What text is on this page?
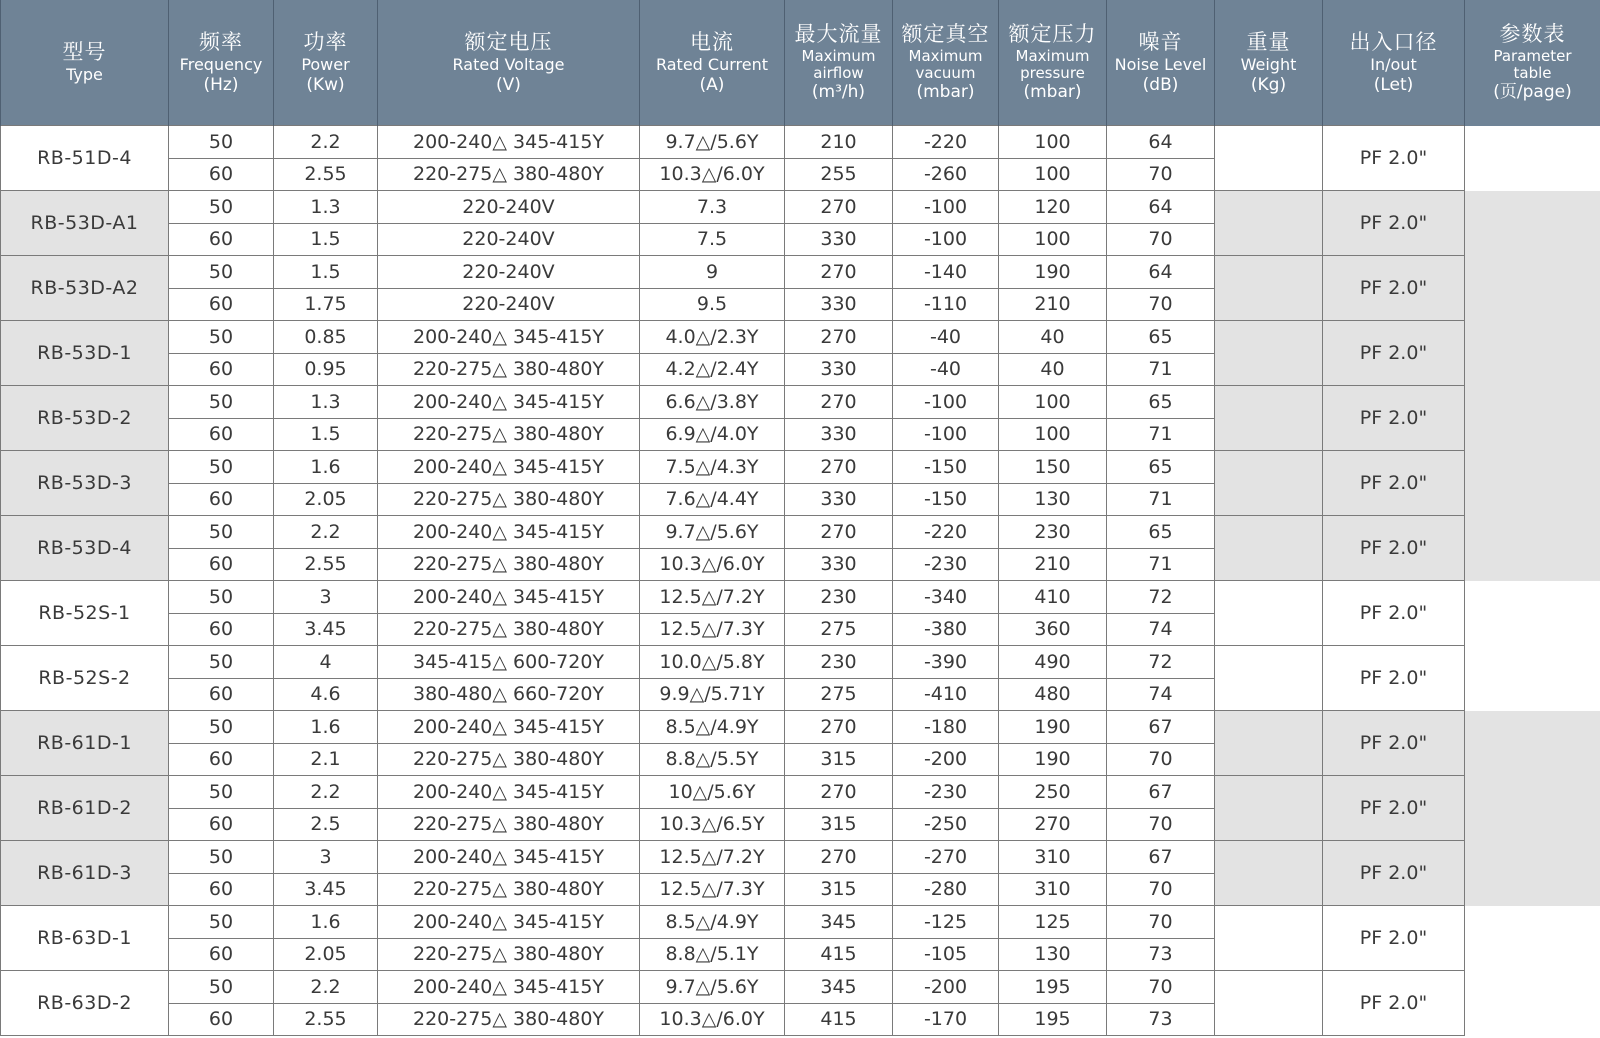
型号
Type	频率
Frequency
(Hz)	功率
Power
(Kw)	额定电压
Rated Voltage
(V)	电流
Rated Current
(A)	最大流量
Maximum
airflow
(m³/h)	额定真空
Maximum
vacuum
(mbar)	额定压力
Maximum
pressure
(mbar)	噪音
Noise Level
(dB)	重量
Weight
(Kg)	出入口径
In/out
(Let)	参数表
Parameter
table
(页/page)

RB-51D-4	50	2.2	200-240△ 345-415Y	9.7△/5.6Y	210	-220	100	64		PF 2.0"	
	60	2.55	220-275△ 380-480Y	10.3△/6.0Y	255	-260	100	70			
RB-53D-A1	50	1.3	220-240V	7.3	270	-100	120	64		PF 2.0"	
	60	1.5	220-240V	7.5	330	-100	100	70			
RB-53D-A2	50	1.5	220-240V	9	270	-140	190	64		PF 2.0"	
	60	1.75	220-240V	9.5	330	-110	210	70			
RB-53D-1	50	0.85	200-240△ 345-415Y	4.0△/2.3Y	270	-40	40	65		PF 2.0"	
	60	0.95	220-275△ 380-480Y	4.2△/2.4Y	330	-40	40	71			
RB-53D-2	50	1.3	200-240△ 345-415Y	6.6△/3.8Y	270	-100	100	65		PF 2.0"	
	60	1.5	220-275△ 380-480Y	6.9△/4.0Y	330	-100	100	71			
RB-53D-3	50	1.6	200-240△ 345-415Y	7.5△/4.3Y	270	-150	150	65		PF 2.0"	
	60	2.05	220-275△ 380-480Y	7.6△/4.4Y	330	-150	130	71			
RB-53D-4	50	2.2	200-240△ 345-415Y	9.7△/5.6Y	270	-220	230	65		PF 2.0"	
	60	2.55	220-275△ 380-480Y	10.3△/6.0Y	330	-230	210	71			
RB-52S-1	50	3	200-240△ 345-415Y	12.5△/7.2Y	230	-340	410	72		PF 2.0"	
	60	3.45	220-275△ 380-480Y	12.5△/7.3Y	275	-380	360	74			
RB-52S-2	50	4	345-415△ 600-720Y	10.0△/5.8Y	230	-390	490	72		PF 2.0"	
	60	4.6	380-480△ 660-720Y	9.9△/5.71Y	275	-410	480	74			
RB-61D-1	50	1.6	200-240△ 345-415Y	8.5△/4.9Y	270	-180	190	67		PF 2.0"	
	60	2.1	220-275△ 380-480Y	8.8△/5.5Y	315	-200	190	70			
RB-61D-2	50	2.2	200-240△ 345-415Y	10△/5.6Y	270	-230	250	67		PF 2.0"	
	60	2.5	220-275△ 380-480Y	10.3△/6.5Y	315	-250	270	70			
RB-61D-3	50	3	200-240△ 345-415Y	12.5△/7.2Y	270	-270	310	67		PF 2.0"	
	60	3.45	220-275△ 380-480Y	12.5△/7.3Y	315	-280	310	70			
RB-63D-1	50	1.6	200-240△ 345-415Y	8.5△/4.9Y	345	-125	125	70		PF 2.0"	
	60	2.05	220-275△ 380-480Y	8.8△/5.1Y	415	-105	130	73			
RB-63D-2	50	2.2	200-240△ 345-415Y	9.7△/5.6Y	345	-200	195	70		PF 2.0"	
	60	2.55	220-275△ 380-480Y	10.3△/6.0Y	415	-170	195	73			
